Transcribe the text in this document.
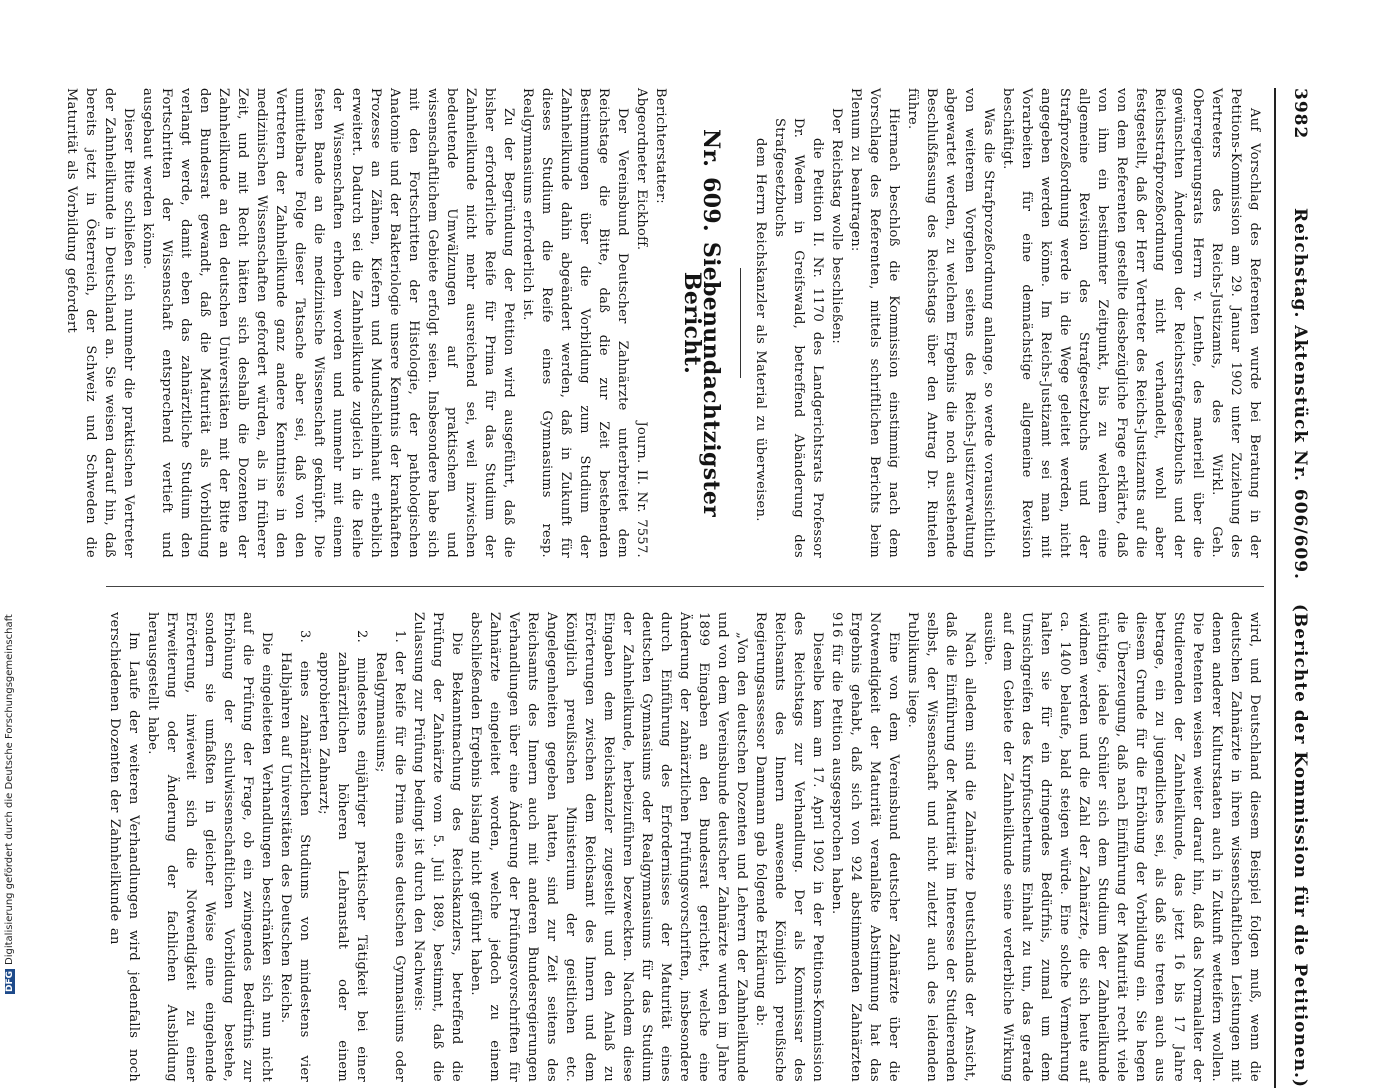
3982
Reichstag. Aktenstück Nr. 606/609.
(Berichte der Kommission für die Petitionen.)

Auf Vorschlag des Referenten wurde bei Beratung in der Petitions-Kommission am 29. Januar 1902 unter Zuziehung des Vertreters des Reichs-Justizamts, des Wirkl. Geh. Oberregierungsrats Herrn v. Lenthe, des materiell über die gewünschten Änderungen der Reichsstrafgesetzbuchs und der Reichsstrafprozeßordnung nicht verhandelt, wohl aber festgestellt, daß der Herr Vertreter des Reichs-Justizamts auf die von dem Referenten gestellte diesbezügliche Frage erklärte, daß von ihm ein bestimmter Zeitpunkt, bis zu welchem eine allgemeine Revision des Strafgesetzbuchs und der Strafprozeßordnung werde in die Wege geleitet werden, nicht angegeben werden könne. Im Reichs-Justizamt sei man mit Vorarbeiten für eine demnächstige allgemeine Revision beschäftigt.

Was die Strafprozeßordnung anlange, so werde voraussichtlich von weiterem Vorgehen seitens des Reichs-Justizverwaltung abgewartet werden, zu welchem Ergebnis die noch ausstehende Beschlußfassung des Reichstags über den Antrag Dr. Rintelen führe.

Hiernach beschloß die Kommission einstimmig nach dem Vorschlage des Referenten, mittels schriftlichen Berichts beim Plenum zu beantragen:

Der Reichstag wolle beschließen:

die Petition II. Nr. 1170 des Landgerichtsrats Professor Dr. Wedem in Greifswald, betreffend Abänderung des Strafgesetzbuchs

dem Herrn Reichskanzler als Material zu überweisen.

Nr. 609. Siebenundachtzigster Bericht.

Berichterstatter:

Abgeordneter Eickhoff.
Journ. II. Nr. 7557.

Der Vereinsbund Deutscher Zahnärzte unterbreitet dem Reichstage die Bitte, daß die zur Zeit bestehenden Bestimmungen über die Vorbildung zum Studium der Zahnheilkunde dahin abgeändert werden, daß in Zukunft für dieses Studium die Reife eines Gymnasiums resp. Realgymnasiums erforderlich ist.

Zu der Begründung der Petition wird ausgeführt, daß die bisher erforderliche Reife für Prima für das Studium der Zahnheilkunde nicht mehr ausreichend sei, weil inzwischen bedeutende Umwälzungen auf praktischem und wissenschaftlichem Gebiete erfolgt seien. Insbesondere habe sich mit den Fortschritten der Histologie, der pathologischen Anatomie und der Bakteriologie unsere Kenntnis der krankhaften Prozesse an Zähnen, Kiefern und Mundschleimhaut erheblich erweitert. Dadurch sei die Zahnheilkunde zugleich in die Reihe der Wissenschaften erhoben worden und nunmehr mit einem festen Bande an die medizinische Wissenschaft geknüpft. Die unmittelbare Folge dieser Tatsache aber sei, daß von den Vertretern der Zahnheilkunde ganz andere Kenntnisse in den medizinischen Wissenschaften gefordert würden, als in früherer Zeit, und mit Recht hätten sich deshalb die Dozenten der Zahnheilkunde an den deutschen Universitäten mit der Bitte an den Bundesrat gewandt, daß die Maturität als Vorbildung verlangt werde, damit eben das zahnärztliche Studium den Fortschritten der Wissenschaft entsprechend vertieft und ausgebaut werden könne.

Dieser Bitte schließen sich nunmehr die praktischen Vertreter der Zahnheilkunde in Deutschland an. Sie weisen darauf hin, daß bereits jetzt in Österreich, der Schweiz und Schweden die Maturität als Vorbildung gefordert

wird, und Deutschland diesem Beispiel folgen muß, wenn die deutschen Zahnärzte in ihren wissenschaftlichen Leistungen mit denen anderer Kulturstaaten auch in Zukunft wetteifern wollen. Die Petenten weisen weiter darauf hin, daß das Normalalter der Studierenden der Zahnheilkunde, das jetzt 16 bis 17 Jahre betrage, ein zu jugendliches sei, als daß sie treten auch aus diesem Grunde für die Erhöhung der Vorbildung ein. Sie hegen die Überzeugung, daß nach Einführung der Maturität recht viele tüchtige, ideale Schüler sich dem Studium der Zahnheilkunde widmen werden und die Zahl der Zahnärzte, die sich heute auf ca. 1400 belaufe, bald steigen würde. Eine solche Vermehrung halten sie für ein dringendes Bedürfnis, zumal um dem Umsichgreifen des Kurpfuschertums Einhalt zu tun, das gerade auf dem Gebiete der Zahnheilkunde seine verderbliche Wirkung ausübe.

Nach alledem sind die Zahnärzte Deutschlands der Ansicht, daß die Einführung der Maturität im Interesse der Studierenden selbst, der Wissenschaft und nicht zuletzt auch des leidenden Publikums liege.

Eine von dem Vereinsbund deutscher Zahnärzte über die Notwendigkeit der Maturität veranlaßte Abstimmung hat das Ergebnis gehabt, daß sich von 924 abstimmenden Zahnärzten 916 für die Petition ausgesprochen haben.

Dieselbe kam am 17. April 1902 in der Petitions-Kommission des Reichstags zur Verhandlung. Der als Kommissar des Reichsamts des Innern anwesende Königlich preußische Regierungsassessor Dammann gab folgende Erklärung ab:

„Von den deutschen Dozenten und Lehrern der Zahnheilkunde und von dem Vereinsbunde deutscher Zahnärzte wurden im Jahre 1899 Eingaben an den Bundesrat gerichtet, welche eine Änderung der zahnärztlichen Prüfungsvorschriften, insbesondere durch Einführung des Erfordernisses der Maturität eines deutschen Gymnasiums oder Realgymnasiums für das Studium der Zahnheilkunde, herbeizuführen bezweckten. Nachdem diese Eingaben dem Reichskanzler zugestellt und den Anlaß zu Erörterungen zwischen dem Reichsamt des Innern und dem Königlich preußischen Ministerium der geistlichen etc. Angelegenheiten gegeben hatten, sind zur Zeit seitens des Reichsamts des Innern auch mit anderen Bundesregierungen Verhandlungen über eine Änderung der Prüfungsvorschriften für Zahnärzte eingeleitet worden, welche jedoch zu einem abschließenden Ergebnis bislang nicht geführt haben.

Die Bekanntmachung des Reichskanzlers, betreffend die Prüfung der Zahnärzte vom 5. Juli 1889, bestimmt, daß die Zulassung zur Prüfung bedingt ist durch den Nachweis:

1. der Reife für die Prima eines deutschen Gymnasiums oder Realgymnasiums;

2. mindestens einjähriger praktischer Tätigkeit bei einer zahnärztlichen höheren Lehranstalt oder einem approbierten Zahnarzt;

3. eines zahnärztlichen Studiums von mindestens vier Halbjahren auf Universitäten des Deutschen Reichs.

Die eingeleiteten Verhandlungen beschränken sich nun nicht auf die Prüfung der Frage, ob ein zwingendes Bedürfnis zur Erhöhung der schulwissenschaftlichen Vorbildung bestehe, sondern sie umfaßten in gleicher Weise eine eingehende Erörterung, inwieweit sich die Notwendigkeit zu einer Erweiterung oder Änderung der fachlichen Ausbildung herausgestellt habe.

Im Laufe der weiteren Verhandlungen wird jedenfalls noch verschiedenen Dozenten der Zahnheilkunde an

DFGDigitalisierung gefördert durch die Deutsche Forschungsgemeinschaft
